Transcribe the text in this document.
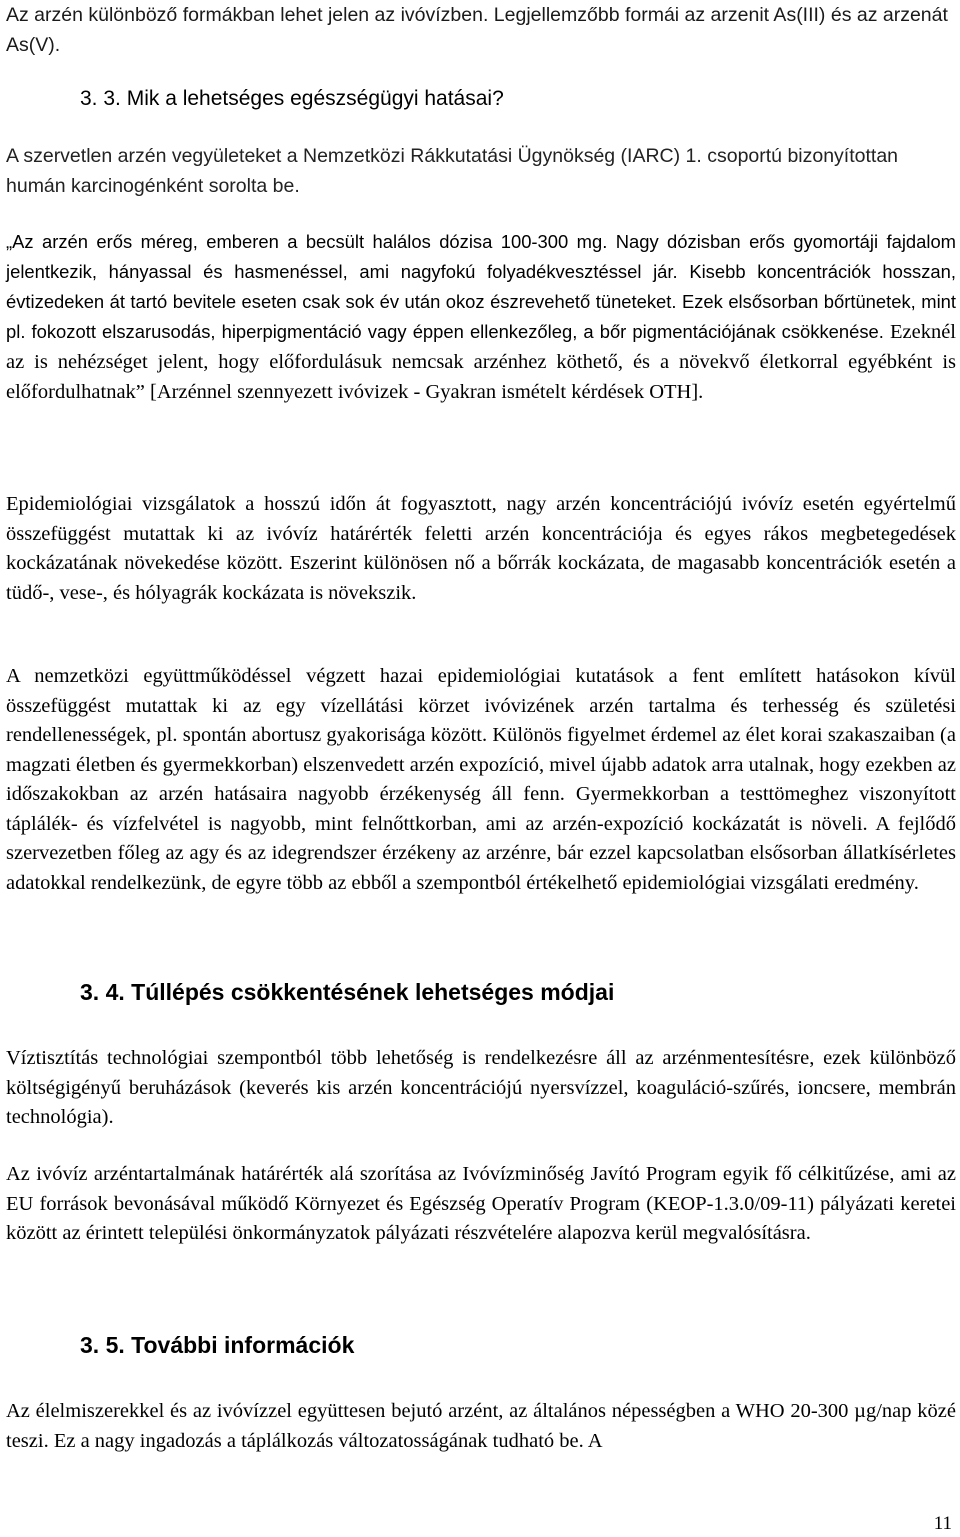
Az arzén különböző formákban lehet jelen az ivóvízben. Legjellemzőbb formái az arzenit As(III) és az arzenát As(V).

3. 3. Mik a lehetséges egészségügyi hatásai?

A szervetlen arzén vegyületeket a Nemzetközi Rákkutatási Ügynökség (IARC) 1. csoportú bizonyítottan humán karcinogénként sorolta be.

„Az arzén erős méreg, emberen a becsült halálos dózisa 100-300 mg. Nagy dózisban erős gyomortáji fajdalom jelentkezik, hányassal és hasmenéssel, ami nagyfokú folyadékvesztéssel jár. Kisebb koncentrációk hosszan, évtizedeken át tartó bevitele eseten csak sok év után okoz észrevehető tüneteket. Ezek elsősorban bőrtünetek, mint pl. fokozott elszarusodás, hiperpigmentáció vagy éppen ellenkezőleg, a bőr pigmentációjának csökkenése. Ezeknél az is nehézséget jelent, hogy előfordulásuk nemcsak arzénhez köthető, és a növekvő életkorral egyébként is előfordulhatnak” [Arzénnel szennyezett ivóvizek - Gyakran ismételt kérdések OTH].

Epidemiológiai vizsgálatok a hosszú időn át fogyasztott, nagy arzén koncentrációjú ivóvíz esetén egyértelmű összefüggést mutattak ki az ivóvíz határérték feletti arzén koncentrációja és egyes rákos megbetegedések kockázatának növekedése között. Eszerint különösen nő a bőrrák kockázata, de magasabb koncentrációk esetén a tüdő-, vese-, és hólyagrák kockázata is növekszik.

A nemzetközi együttműködéssel végzett hazai epidemiológiai kutatások a fent említett hatásokon kívül összefüggést mutattak ki az egy vízellátási körzet ivóvizének arzén tartalma és terhesség és születési rendellenességek, pl. spontán abortusz gyakorisága között. Különös figyelmet érdemel az élet korai szakaszaiban (a magzati életben és gyermekkorban) elszenvedett arzén expozíció, mivel újabb adatok arra utalnak, hogy ezekben az időszakokban az arzén hatásaira nagyobb érzékenység áll fenn. Gyermekkorban a testtömeghez viszonyított táplálék- és vízfelvétel is nagyobb, mint felnőttkorban, ami az arzén-expozíció kockázatát is növeli. A fejlődő szervezetben főleg az agy és az idegrendszer érzékeny az arzénre, bár ezzel kapcsolatban elsősorban állatkísérletes adatokkal rendelkezünk, de egyre több az ebből a szempontból értékelhető epidemiológiai vizsgálati eredmény.

3. 4. Túllépés csökkentésének lehetséges módjai

Víztisztítás technológiai szempontból több lehetőség is rendelkezésre áll az arzénmentesítésre, ezek különböző költségigényű beruházások (keverés kis arzén koncentrációjú nyersvízzel, koaguláció-szűrés, ioncsere, membrán technológia).

Az ivóvíz arzéntartalmának határérték alá szorítása az Ivóvízminőség Javító Program egyik fő célkitűzése, ami az EU források bevonásával működő Környezet és Egészség Operatív Program (KEOP-1.3.0/09-11) pályázati keretei között az érintett települési önkormányzatok pályázati részvételére alapozva kerül megvalósításra.

3. 5. További információk

Az élelmiszerekkel és az ivóvízzel együttesen bejutó arzént, az általános népességben a WHO 20-300 µg/nap közé teszi. Ez a nagy ingadozás a táplálkozás változatosságának tudható be. A

11
